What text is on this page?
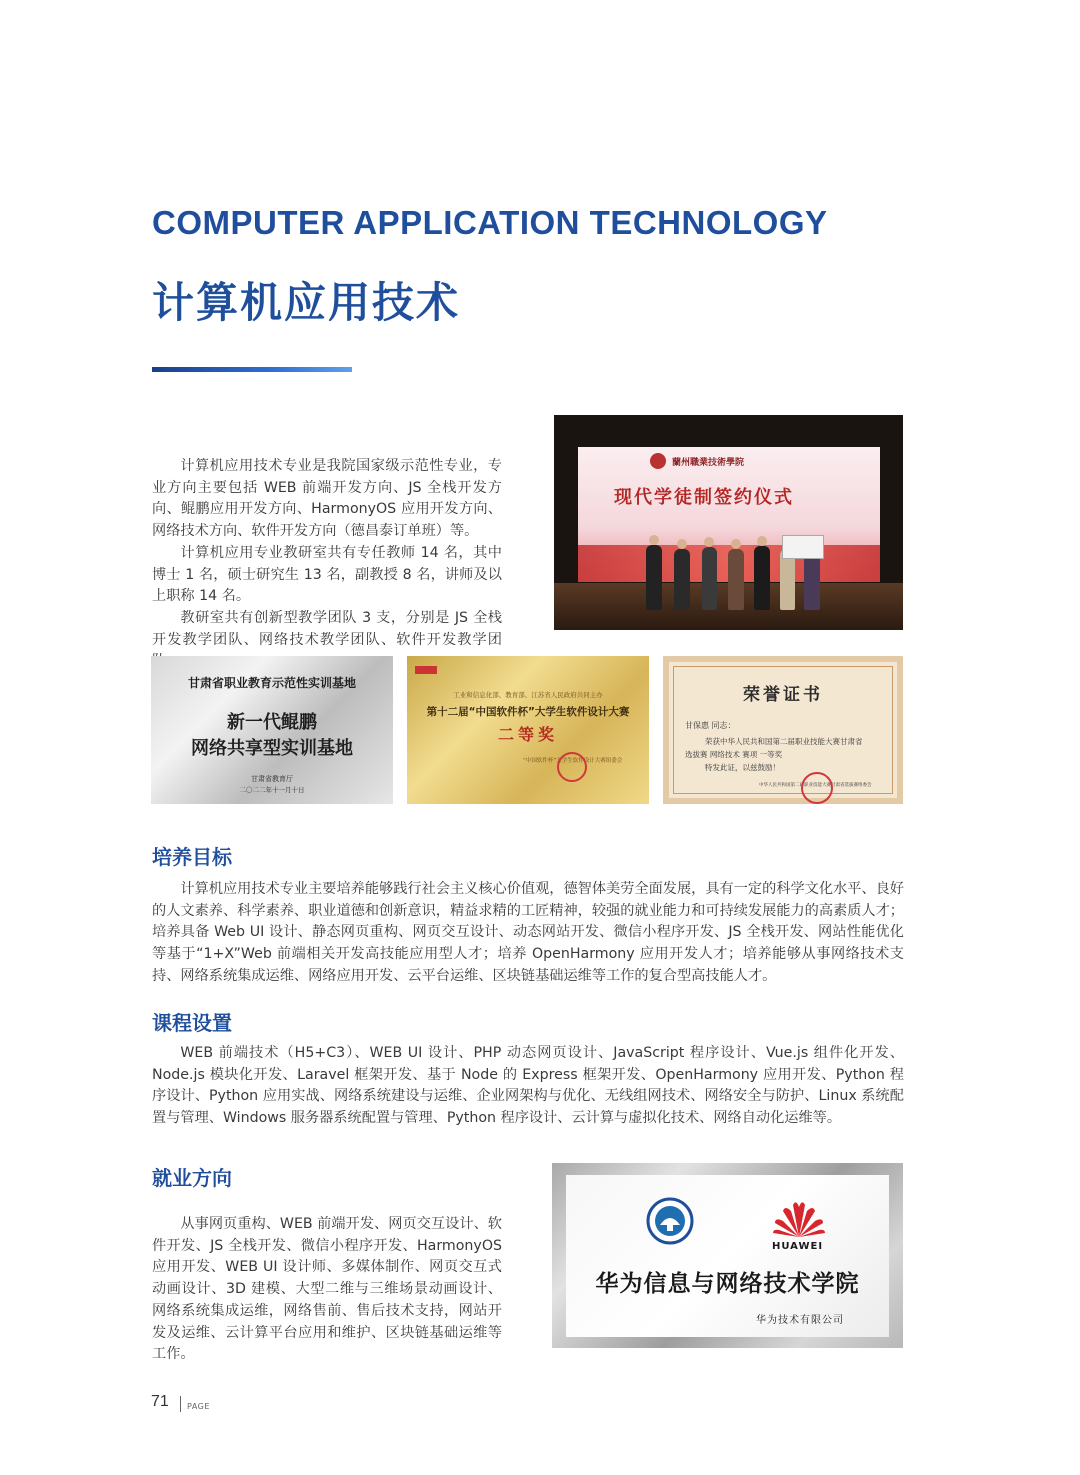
COMPUTER APPLICATION TECHNOLOGY
计算机应用技术

计算机应用技术专业是我院国家级示范性专业，专业方向主要包括 WEB 前端开发方向、JS 全栈开发方向、鲲鹏应用开发方向、HarmonyOS 应用开发方向、网络技术方向、软件开发方向（德昌泰订单班）等。

计算机应用专业教研室共有专任教师 14 名，其中博士 1 名，硕士研究生 13 名，副教授 8 名，讲师及以上职称 14 名。

教研室共有创新型教学团队 3 支，分别是 JS 全栈开发教学团队、网络技术教学团队、软件开发教学团

蘭州職業技術學院
现代学徒制签约仪式
甘肃省职业教育示范性实训基地
新一代鲲鹏
网络共享型实训基地
甘肃省教育厅
二〇二二年十一月十日
工业和信息化部、教育部、江苏省人民政府共同主办
第十二届“中国软件杯”大学生软件设计大赛
二等奖
“中国软件杯”大学生软件设计大赛组委会
荣誉证书
甘保惠 同志：
荣获中华人民共和国第二届职业技能大赛甘肃省
选拔赛 网络技术 赛项 一等奖
特发此证，以兹鼓励！
中华人民共和国第二届职业技能大赛甘肃省选拔赛组委会
培养目标

计算机应用技术专业主要培养能够践行社会主义核心价值观，德智体美劳全面发展，具有一定的科学文化水平、良好的人文素养、科学素养、职业道德和创新意识，精益求精的工匠精神，较强的就业能力和可持续发展能力的高素质人才；培养具备 Web UI 设计、静态网页重构、网页交互设计、动态网站开发、微信小程序开发、JS 全栈开发、网站性能优化等基于“1+X”Web 前端相关开发高技能应用型人才；培养 OpenHarmony 应用开发人才；培养能够从事网络技术支持、网络系统集成运维、网络应用开发、云平台运维、区块链基础运维等工作的复合型高技能人才。

课程设置

WEB 前端技术（H5+C3）、WEB UI 设计、PHP 动态网页设计、JavaScript 程序设计、Vue.js 组件化开发、Node.js 模块化开发、Laravel 框架开发、基于 Node 的 Express 框架开发、OpenHarmony 应用开发、Python 程序设计、Python 应用实战、网络系统建设与运维、企业网架构与优化、无线组网技术、网络安全与防护、Linux 系统配置与管理、Windows 服务器系统配置与管理、Python 程序设计、云计算与虚拟化技术、网络自动化运维等。

就业方向

从事网页重构、WEB 前端开发、网页交互设计、软件开发、JS 全栈开发、微信小程序开发、HarmonyOS 应用开发、WEB UI 设计师、多媒体制作、网页交互式动画设计、3D 建模、大型二维与三维场景动画设计、网络系统集成运维，网络售前、售后技术支持，网站开发及运维、云计算平台应用和维护、区块链基础运维等工作。

HUAWEI
华为信息与网络技术学院
华为技术有限公司
71 PAGE
